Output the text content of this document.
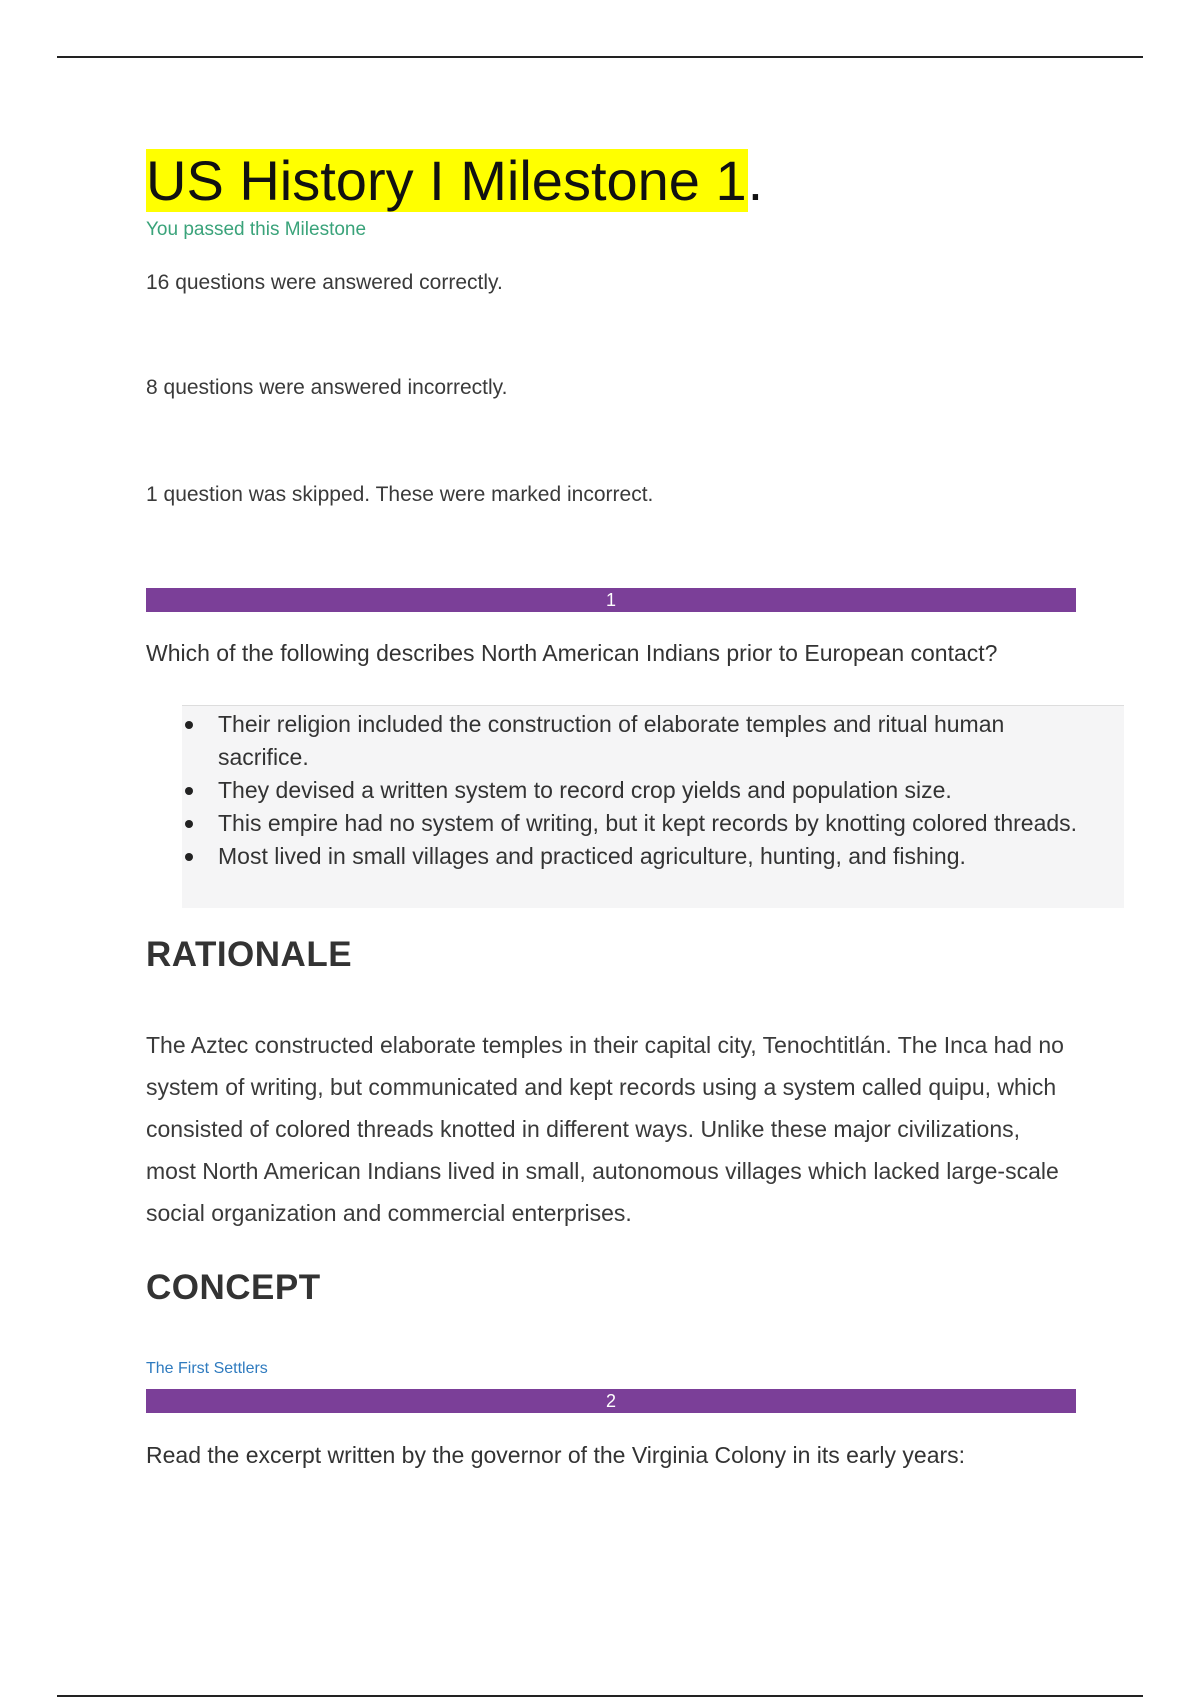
US History I Milestone 1.
You passed this Milestone
16 questions were answered correctly.
8 questions were answered incorrectly.
1 question was skipped. These were marked incorrect.
1
Which of the following describes North American Indians prior to European contact?
Their religion included the construction of elaborate temples and ritual human sacrifice.
They devised a written system to record crop yields and population size.
This empire had no system of writing, but it kept records by knotting colored threads.
Most lived in small villages and practiced agriculture, hunting, and fishing.
RATIONALE
The Aztec constructed elaborate temples in their capital city, Tenochtitlán. The Inca had no system of writing, but communicated and kept records using a system called quipu, which consisted of colored threads knotted in different ways. Unlike these major civilizations, most North American Indians lived in small, autonomous villages which lacked large-scale social organization and commercial enterprises.
CONCEPT
The First Settlers
2
Read the excerpt written by the governor of the Virginia Colony in its early years:
